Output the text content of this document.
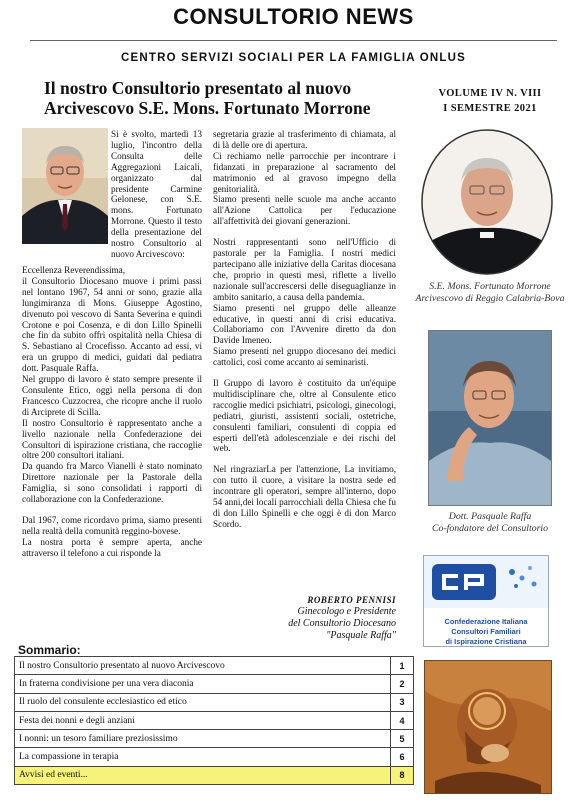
CONSULTORIO NEWS
CENTRO SERVIZI SOCIALI PER LA FAMIGLIA ONLUS
Il nostro Consultorio presentato al nuovo Arcivescovo S.E. Mons. Fortunato Morrone
VOLUME IV N. VIII
I SEMESTRE 2021
Si è svolto, martedì 13 luglio, l'incontro della Consulta delle Aggregazioni Laicali, organizzato dal presidente Carmine Gelonese, con S.E. mons. Fortunato Morrone. Questo il testo della presentazione del nostro Consultorio al nuovo Arcivescovo:

Eccellenza Reverendissima,

il Consultorio Diocesano muove i primi passi nel lontano 1967, 54 anni or sono, grazie alla lungimiranza di Mons. Giuseppe Agostino, divenuto poi vescovo di Santa Severina e quindi Crotone e poi Cosenza, e di don Lillo Spinelli che fin da subito offrì ospitalità nella Chiesa di S. Sebastiano al Crocefisso. Accanto ad essi, vi era un gruppo di medici, guidati dal pediatra dott. Pasquale Raffa.

Nel gruppo di lavoro è stato sempre presente il Consulente Etico, oggi nella persona di don Francesco Cuzzocrea, che ricopre anche il ruolo di Arciprete di Scilla.

Il nostro Consultorio è rappresentato anche a livello nazionale nella Confederazione dei Consultori di ispirazione cristiana, che raccoglie oltre 200 consultori italiani.

Da quando fra Marco Vianelli è stato nominato Direttore nazionale per la Pastorale della Famiglia, si sono consolidati i rapporti di collaborazione con la Confederazione.

Dal 1967, come ricordavo prima, siamo presenti nella realtà della comunità reggino-bovese.

La nostra porta è sempre aperta, anche attraverso il telefono a cui risponde la

segretaria grazie al trasferimento di chiamata, al di là delle ore di apertura.

Ci rechiamo nelle parrocchie per incontrare i fidanzati in preparazione al sacramento del matrimonio ed al gravoso impegno della genitorialità.

Siamo presenti nelle scuole ma anche accanto all'Azione Cattolica per l'educazione all'affettività dei giovani generazioni.

Nostri rappresentanti sono nell'Ufficio di pastorale per la Famiglia. I nostri medici partecipano alle iniziative della Caritas diocesana che, proprio in questi mesi, riflette a livello nazionale sull'accrescersi delle diseguaglianze in ambito sanitario, a causa della pandemia.

Siamo presenti nel gruppo delle alleanze educative, in questi anni di crisi educativa. Collaboriamo con l'Avvenire diretto da don Davide Imeneo.

Siamo presenti nel gruppo diocesano dei medici cattolici, così come accanto ai seminaristi.

Il Gruppo di lavoro è costituito da un'équipe multidisciplinare che, oltre al Consulente etico raccoglie medici psichiatri, psicologi, ginecologi, pediatri, giuristi, assistenti sociali, ostetriche, consulenti familiari, consulenti di coppia ed esperti dell'età adolescenziale e dei rischi del web.

Nel ringraziarLa per l'attenzione, La invitiamo, con tutto il cuore, a visitare la nostra sede ed incontrare gli operatori, sempre all'interno, dopo 54 anni,dei locali parrocchiali della Chiesa che fu di don Lillo Spinelli e che oggi è di don Marco Scordo.

ROBERTO PENNISI
Ginecologo e Presidente
del Consultorio Diocesano
"Pasquale Raffa"
S.E. Mons. Fortunato Morrone
Arcivescovo di Reggio Calabria-Bova
Dott. Pasquale Raffa
Co-fondatore del Consultorio
Confederazione Italiana
Consultori Familiari
di Ispirazione Cristiana
Sommario:
Il nostro Consultorio presentato al nuovo Arcivescovo	1
In fraterna condivisione per una vera diaconia	2
Il ruolo del consulente ecclesiastico ed etico	3
Festa dei nonni e degli anziani	4
I nonni: un tesoro familiare preziosissimo	5
La compassione in terapia	6
Avvisi ed eventi...	8
